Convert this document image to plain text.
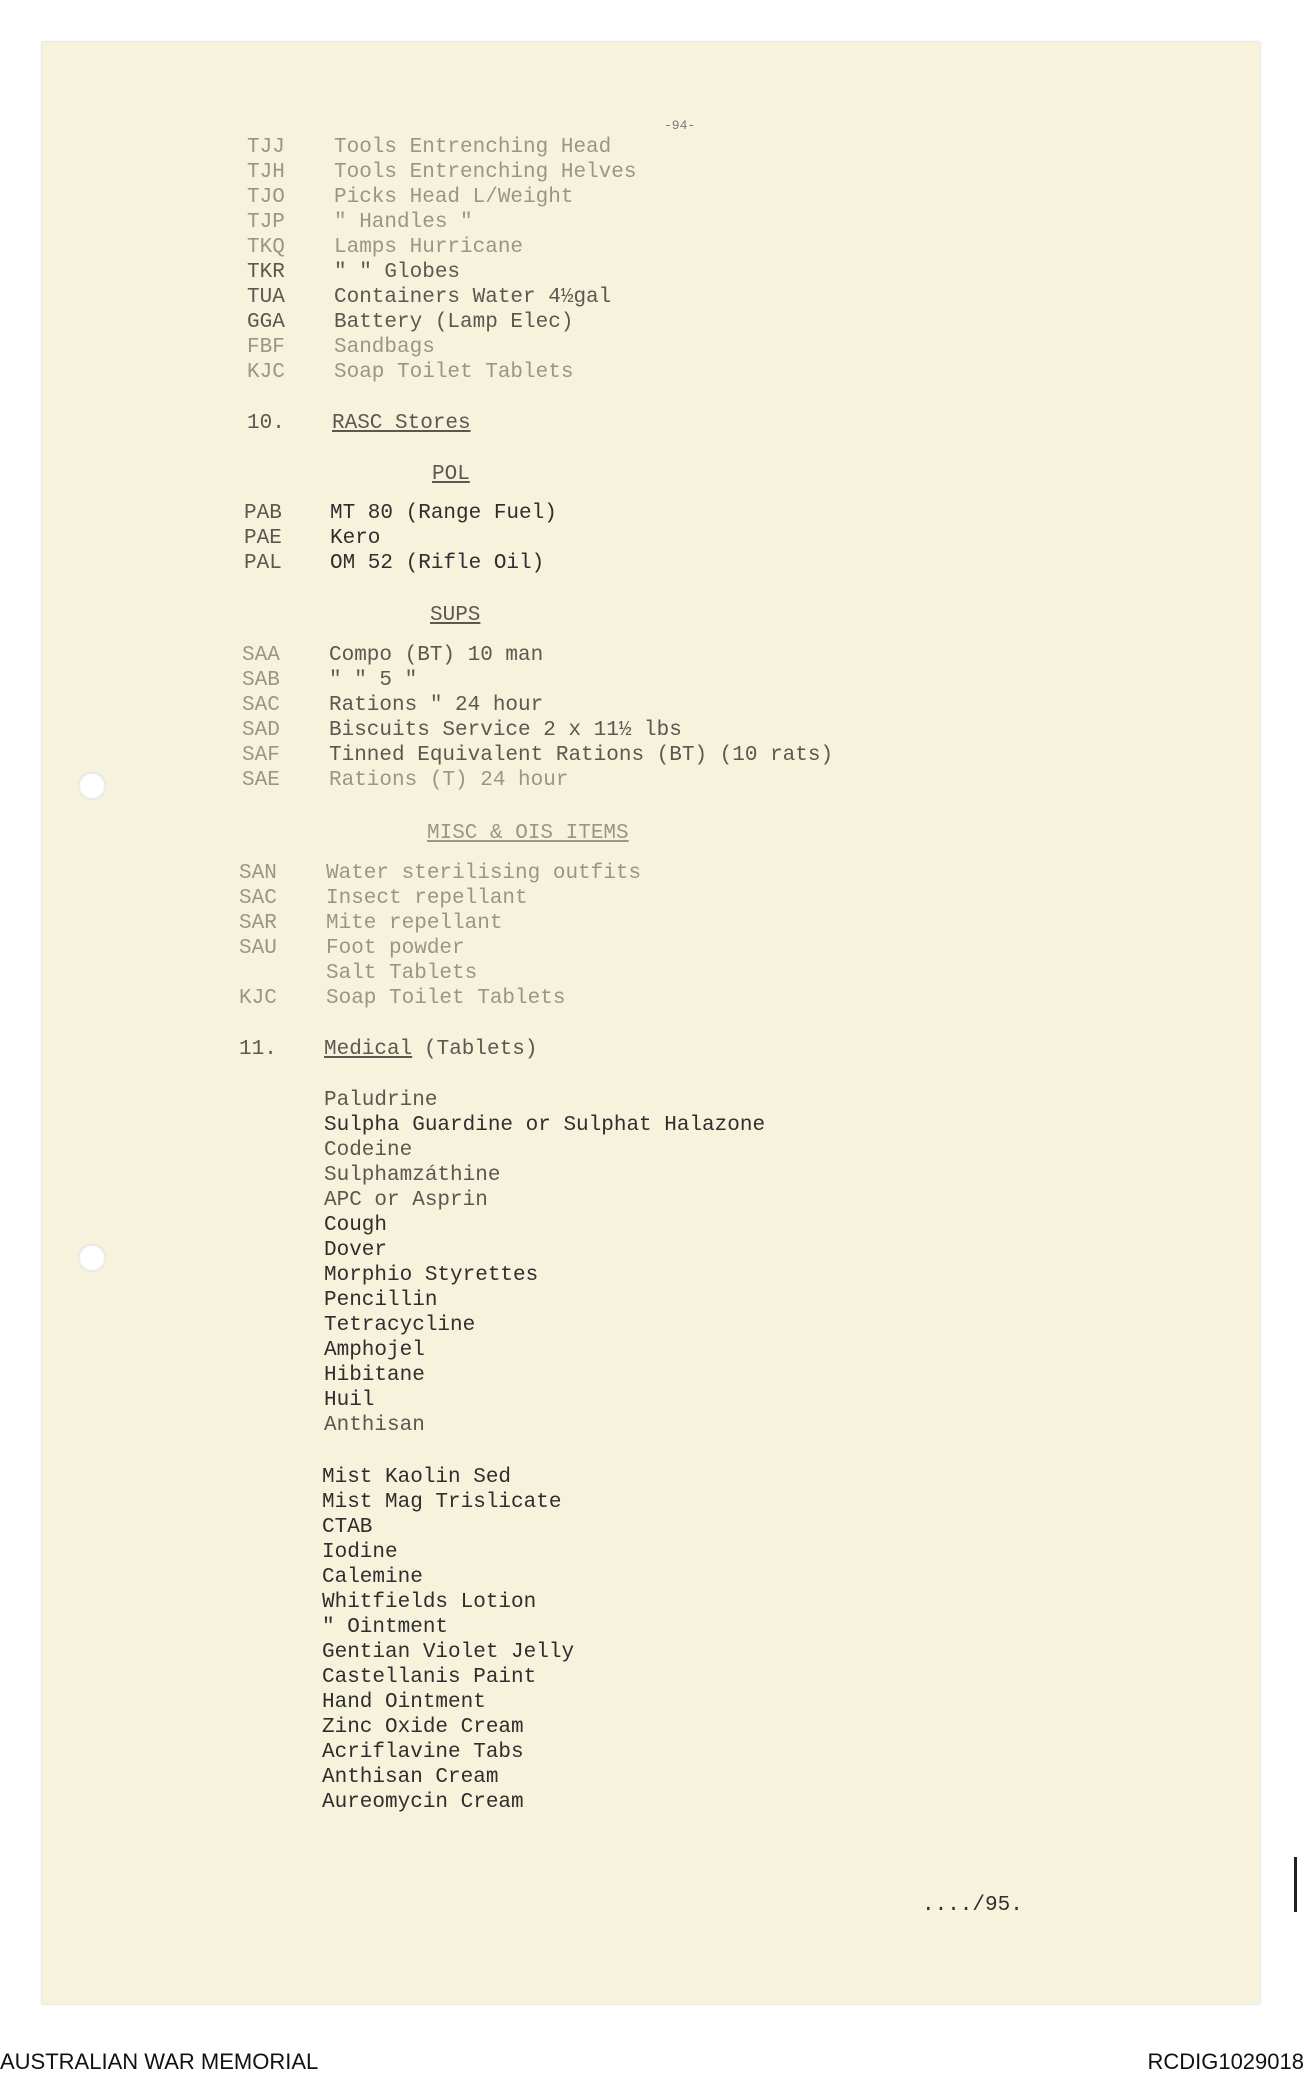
-94-
TJJ Tools Entrenching Head
TJH Tools Entrenching Helves
TJO Picks Head L/Weight
TJP " Handles "
TKQ Lamps Hurricane
TKR " " Globes
TUA Containers Water 4½gal
GGA Battery (Lamp Elec)
FBF Sandbags
KJC Soap Toilet Tablets
10. RASC Stores
POL
PAB MT 80 (Range Fuel)
PAE Kero
PAL OM 52 (Rifle Oil)
SUPS
SAA Compo (BT) 10 man
SAB " " 5 "
SAC Rations " 24 hour
SAD Biscuits Service 2 x 11½ lbs
SAF Tinned Equivalent Rations (BT) (10 rats)
SAE Rations (T) 24 hour
MISC & OIS ITEMS
SAN Water sterilising outfits
SAC Insect repellant
SAR Mite repellant
SAU Foot powder
Salt Tablets
KJC Soap Toilet Tablets
11. Medical (Tablets)
Paludrine
Sulpha Guardine or Sulphat Halazone
Codeine
Sulphamzáthine
APC or Asprin
Cough
Dover
Morphio Styrettes
Pencillin
Tetracycline
Amphojel
Hibitane
Huil
Anthisan
Mist Kaolin Sed
Mist Mag Trislicate
CTAB
Iodine
Calemine
Whitfields Lotion
" Ointment
Gentian Violet Jelly
Castellanis Paint
Hand Ointment
Zinc Oxide Cream
Acriflavine Tabs
Anthisan Cream
Aureomycin Cream
..../95.
AUSTRALIAN WAR MEMORIAL	RCDIG1029018
